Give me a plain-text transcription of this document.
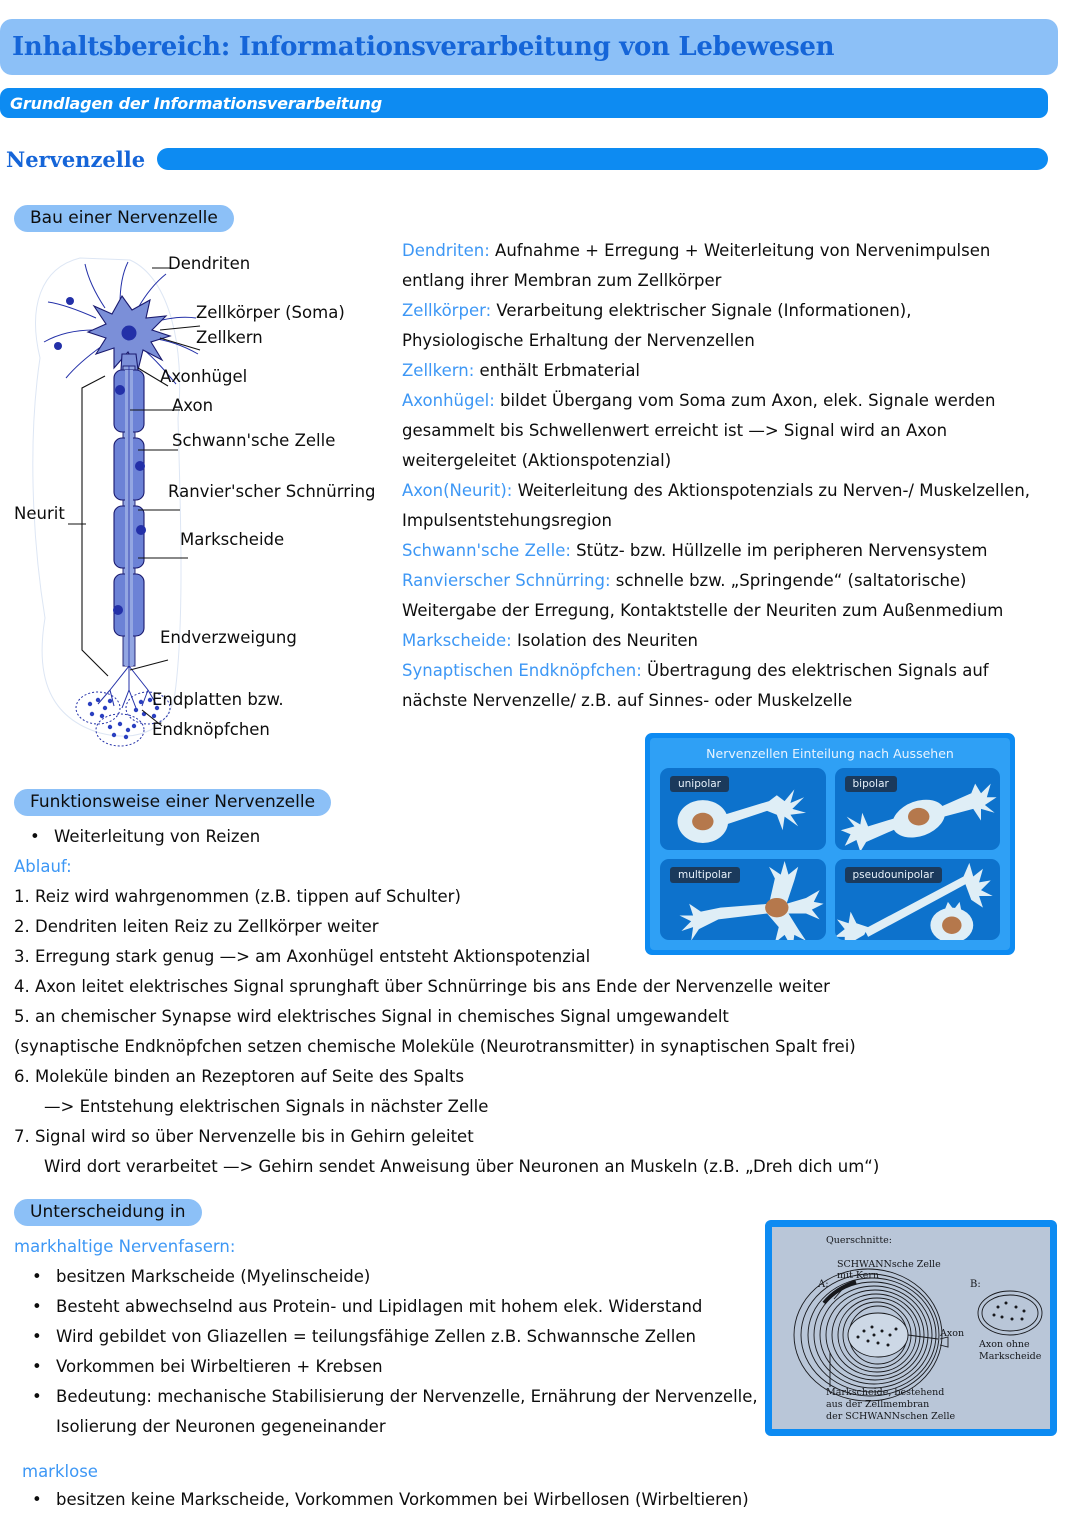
Inhaltsbereich: Informationsverarbeitung von Lebewesen
Grundlagen der Informationsverarbeitung
Nervenzelle
Bau einer Nervenzelle
Dendriten
Zellkörper (Soma)
Zellkern
Axonhügel
Axon
Schwann'sche Zelle
Ranvier'scher Schnürring
Markscheide
Neurit
Endverzweigung
Endplatten bzw.
Endknöpfchen

Dendriten: Aufnahme + Erregung + Weiterleitung von Nervenimpulsen entlang ihrer Membran zum Zellkörper

Zellkörper: Verarbeitung elektrischer Signale (Informationen), Physiologische Erhaltung der Nervenzellen

Zellkern: enthält Erbmaterial

Axonhügel: bildet Übergang vom Soma zum Axon, elek. Signale werden gesammelt bis Schwellenwert erreicht ist —> Signal wird an Axon weitergeleitet (Aktionspotenzial)

Axon(Neurit): Weiterleitung des Aktionspotenzials zu Nerven-/ Muskelzellen, Impulsentstehungsregion

Schwann'sche Zelle: Stütz- bzw. Hüllzelle im peripheren Nervensystem

Ranvierscher Schnürring: schnelle bzw. „Springende“ (saltatorische) Weitergabe der Erregung, Kontaktstelle der Neuriten zum Außenmedium

Markscheide: Isolation des Neuriten

Synaptischen Endknöpfchen: Übertragung des elektrischen Signals auf nächste Nervenzelle/ z.B. auf Sinnes- oder Muskelzelle

Nervenzellen Einteilung nach Aussehen
unipolar	bipolar
multipolar	pseudounipolar
Funktionsweise einer Nervenzelle
• Weiterleitung von Reizen
Ablauf:
1. Reiz wird wahrgenommen (z.B. tippen auf Schulter)
2. Dendriten leiten Reiz zu Zellkörper weiter
3. Erregung stark genug —> am Axonhügel entsteht Aktionspotenzial
4. Axon leitet elektrisches Signal sprunghaft über Schnürringe bis ans Ende der Nervenzelle weiter
5. an chemischer Synapse wird elektrisches Signal in chemisches Signal umgewandelt
(synaptische Endknöpfchen setzen chemische Moleküle (Neurotransmitter) in synaptischen Spalt frei)
6. Moleküle binden an Rezeptoren auf Seite des Spalts
—> Entstehung elektrischen Signals in nächster Zelle
7. Signal wird so über Nervenzelle bis in Gehirn geleitet
Wird dort verarbeitet —> Gehirn sendet Anweisung über Neuronen an Muskeln (z.B. „Dreh dich um“)
Unterscheidung in
markhaltige Nervenfasern:
• besitzen Markscheide (Myelinscheide)
• Besteht abwechselnd aus Protein- und Lipidlagen mit hohem elek. Widerstand
• Wird gebildet von Gliazellen = teilungsfähige Zellen z.B. Schwannsche Zellen
• Vorkommen bei Wirbeltieren + Krebsen
• Bedeutung: mechanische Stabilisierung der Nervenzelle, Ernährung der Nervenzelle, Isolierung der Neuronen gegeneinander
marklose
• besitzen keine Markscheide, Vorkommen Vorkommen bei Wirbellosen (Wirbeltieren)
Querschnitte:
SCHWANNsche Zelle
mit Kern
A:	B:
Axon
Axon ohne
Markscheide
Markscheide, bestehend
aus der Zellmembran
der SCHWANNschen Zelle
